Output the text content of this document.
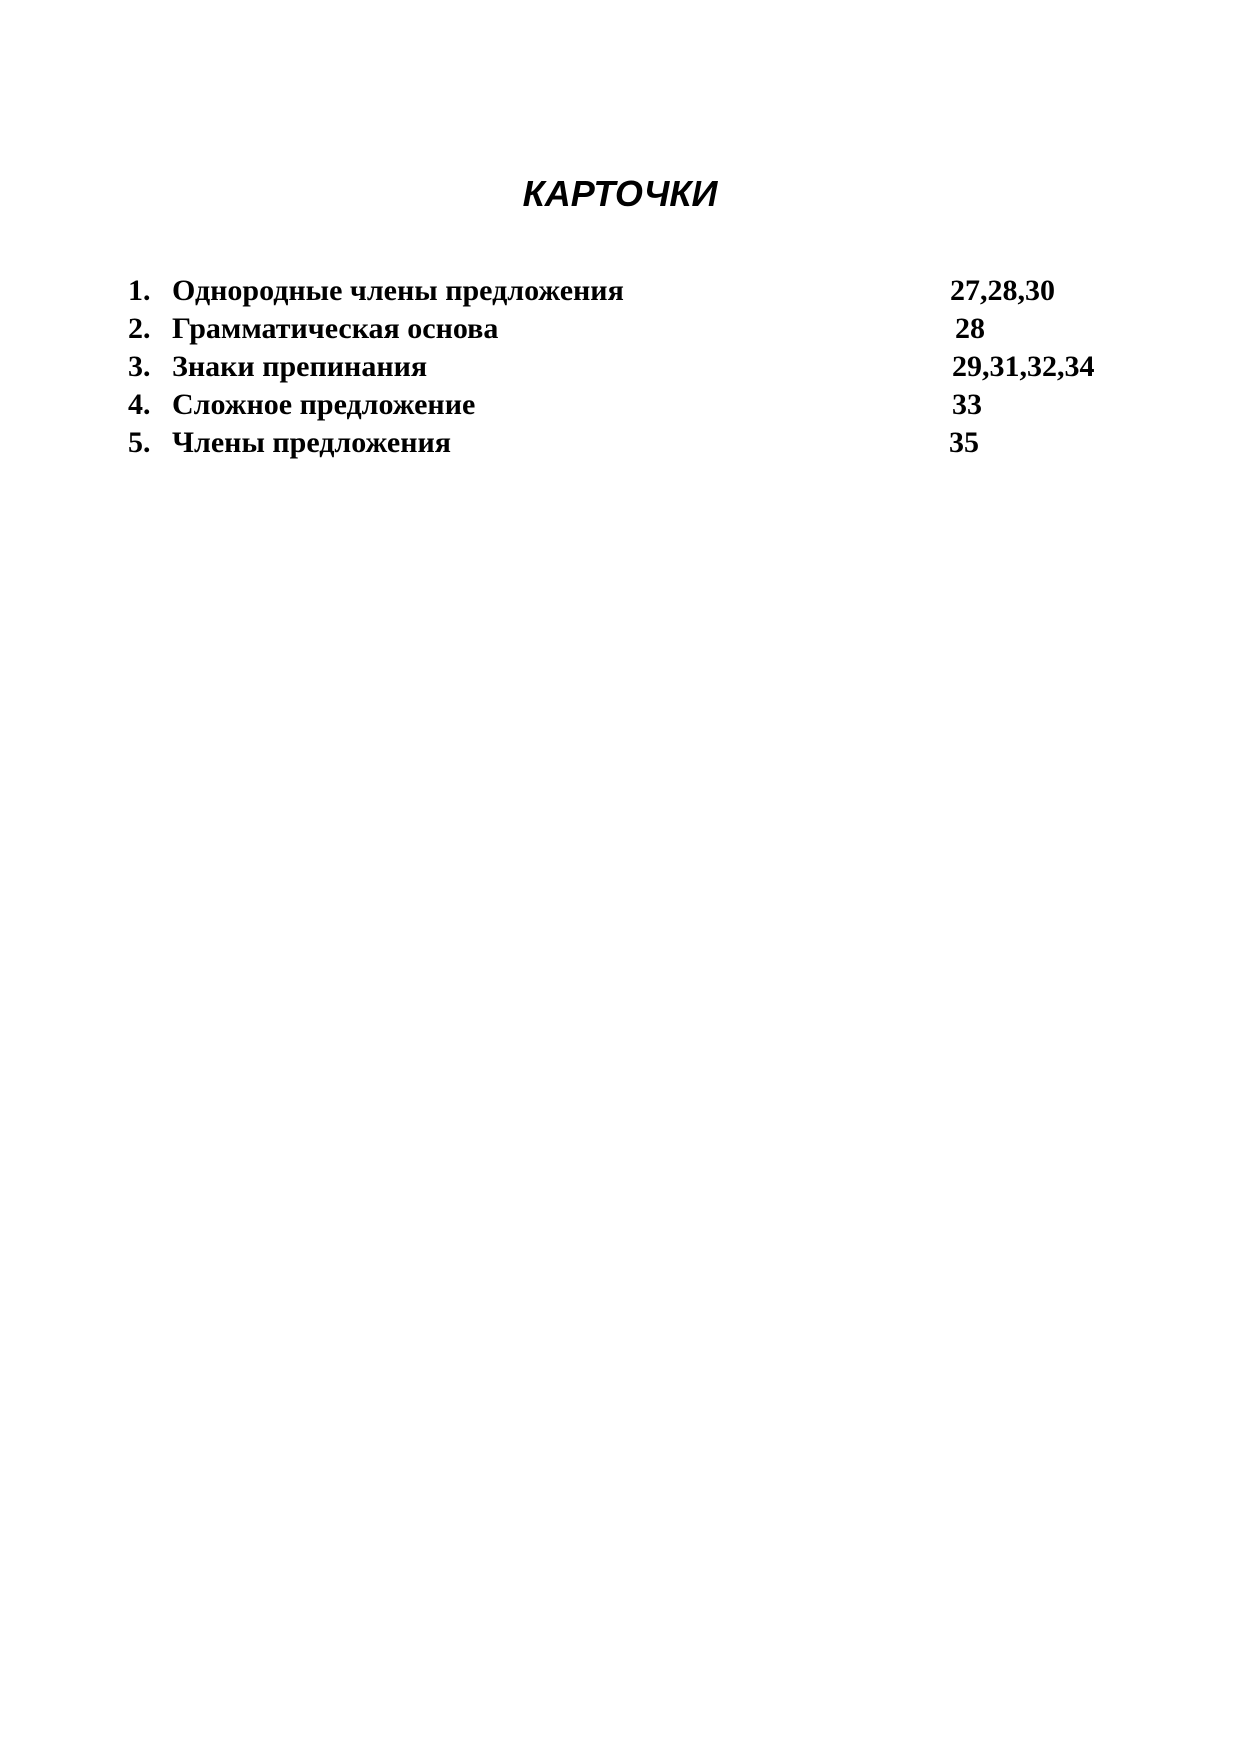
КАРТОЧКИ
1. Однородные члены предложения	27,28,30
2. Грамматическая основа	28
3. Знаки препинания	29,31,32,34
4. Сложное предложение	33
5. Члены предложения	35
